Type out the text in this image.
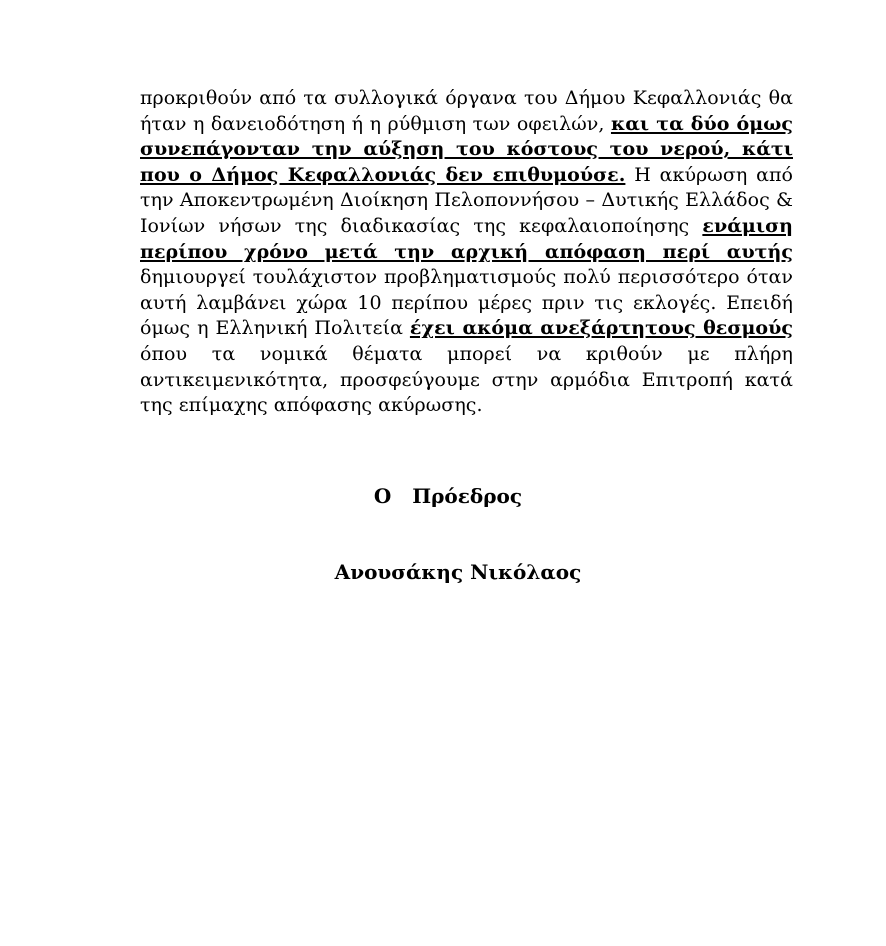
προκριθούν από τα συλλογικά όργανα του Δήμου Κεφαλλονιάς θα ήταν η δανειοδότηση ή η ρύθμιση των οφειλών, και τα δύο όμως συνεπάγονταν την αύξηση του κόστους του νερού, κάτι που ο Δήμος Κεφαλλονιάς δεν επιθυμούσε. Η ακύρωση από την Αποκεντρωμένη Διοίκηση Πελοποννήσου – Δυτικής Ελλάδος & Ιονίων νήσων της διαδικασίας της κεφαλαιοποίησης ενάμιση περίπου χρόνο μετά την αρχική απόφαση περί αυτής δημιουργεί τουλάχιστον προβληματισμούς πολύ περισσότερο όταν αυτή λαμβάνει χώρα 10 περίπου μέρες πριν τις εκλογές. Επειδή όμως η Ελληνική Πολιτεία έχει ακόμα ανεξάρτητους θεσμούς όπου τα νομικά θέματα μπορεί να κριθούν με πλήρη αντικειμενικότητα, προσφεύγουμε στην αρμόδια Επιτροπή κατά της επίμαχης απόφασης ακύρωσης.

Ο   Πρόεδρος
Ανουσάκης Νικόλαος
